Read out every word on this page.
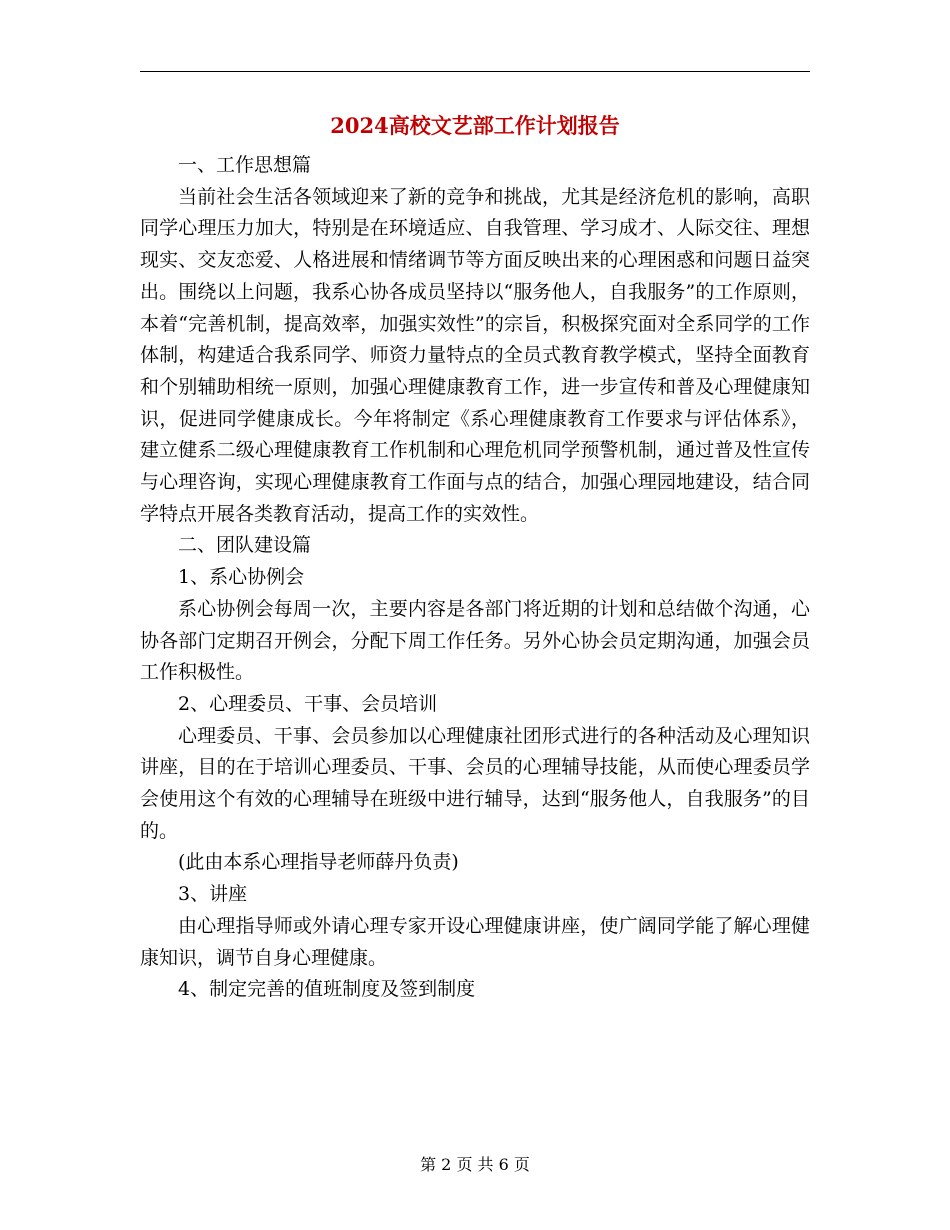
2024高校文艺部工作计划报告

一、工作思想篇

当前社会生活各领域迎来了新的竞争和挑战，尤其是经济危机的影响，高职同学心理压力加大，特别是在环境适应、自我管理、学习成才、人际交往、理想现实、交友恋爱、人格进展和情绪调节等方面反映出来的心理困惑和问题日益突出。围绕以上问题，我系心协各成员坚持以“服务他人，自我服务”的工作原则，本着“完善机制，提高效率，加强实效性”的宗旨，积极探究面对全系同学的工作体制，构建适合我系同学、师资力量特点的全员式教育教学模式，坚持全面教育和个别辅助相统一原则，加强心理健康教育工作，进一步宣传和普及心理健康知识，促进同学健康成长。今年将制定《系心理健康教育工作要求与评估体系》，建立健系二级心理健康教育工作机制和心理危机同学预警机制，通过普及性宣传与心理咨询，实现心理健康教育工作面与点的结合，加强心理园地建设，结合同学特点开展各类教育活动，提高工作的实效性。

二、团队建设篇

1、系心协例会

系心协例会每周一次，主要内容是各部门将近期的计划和总结做个沟通，心协各部门定期召开例会，分配下周工作任务。另外心协会员定期沟通，加强会员工作积极性。

2、心理委员、干事、会员培训

心理委员、干事、会员参加以心理健康社团形式进行的各种活动及心理知识讲座，目的在于培训心理委员、干事、会员的心理辅导技能，从而使心理委员学会使用这个有效的心理辅导在班级中进行辅导，达到“服务他人，自我服务”的目的。

(此由本系心理指导老师薛丹负责)

3、讲座

由心理指导师或外请心理专家开设心理健康讲座，使广阔同学能了解心理健康知识，调节自身心理健康。

4、制定完善的值班制度及签到制度

第 2 页 共 6 页
